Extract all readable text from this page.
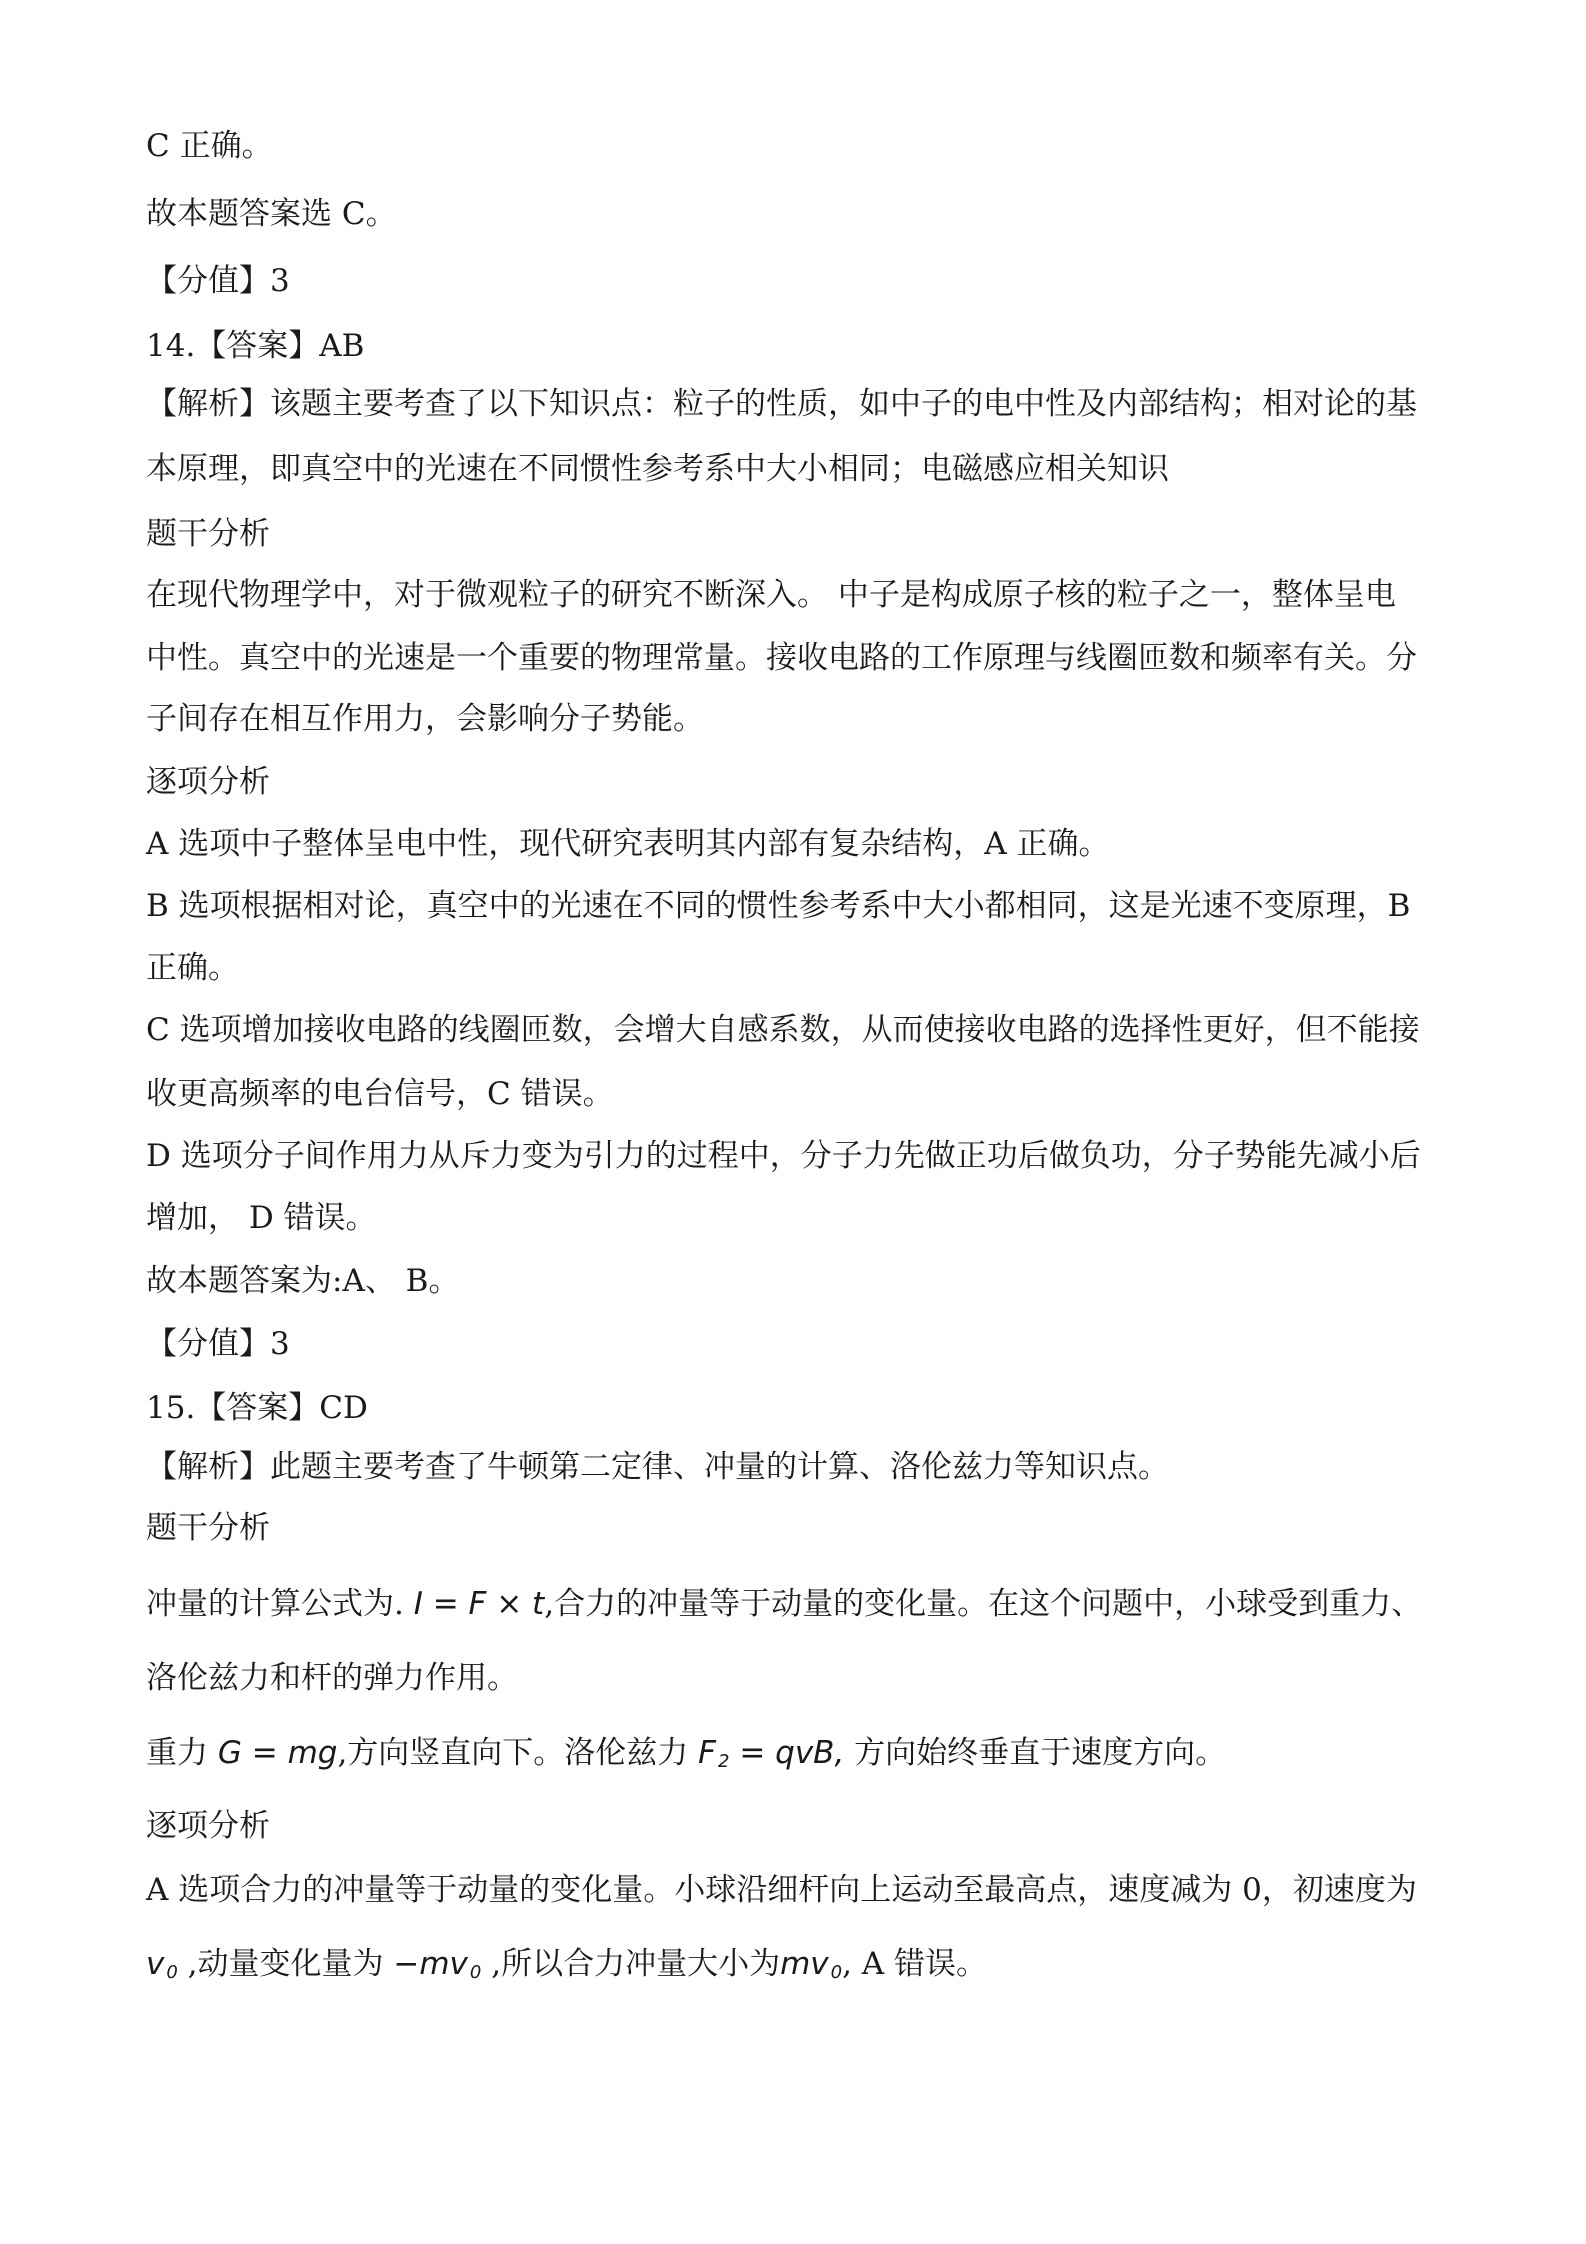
C 正确。
故本题答案选 C。
【分值】3
14.【答案】AB
【解析】该题主要考查了以下知识点：粒子的性质，如中子的电中性及内部结构；相对论的基
本原理，即真空中的光速在不同惯性参考系中大小相同；电磁感应相关知识
题干分析
在现代物理学中，对于微观粒子的研究不断深入。 中子是构成原子核的粒子之一，整体呈电
中性。真空中的光速是一个重要的物理常量。接收电路的工作原理与线圈匝数和频率有关。分
子间存在相互作用力，会影响分子势能。
逐项分析
A 选项中子整体呈电中性，现代研究表明其内部有复杂结构，A 正确。
B 选项根据相对论，真空中的光速在不同的惯性参考系中大小都相同，这是光速不变原理，B
正确。
C 选项增加接收电路的线圈匝数，会增大自感系数，从而使接收电路的选择性更好，但不能接
收更高频率的电台信号，C 错误。
D 选项分子间作用力从斥力变为引力的过程中，分子力先做正功后做负功，分子势能先减小后
增加， D 错误。
故本题答案为:A、 B。
【分值】3
15.【答案】CD
【解析】此题主要考查了牛顿第二定律、冲量的计算、洛伦兹力等知识点。
题干分析
冲量的计算公式为. I = F × t,合力的冲量等于动量的变化量。在这个问题中，小球受到重力、
洛伦兹力和杆的弹力作用。
重力 G = mg,方向竖直向下。洛伦兹力 F $_2$ = qvB, 方向始终垂直于速度方向。
逐项分析
A 选项合力的冲量等于动量的变化量。小球沿细杆向上运动至最高点，速度减为 0，初速度为
v $_0$ ,动量变化量为 −mv $_0$ ,所以合力冲量大小为mv $_0$, A 错误。
